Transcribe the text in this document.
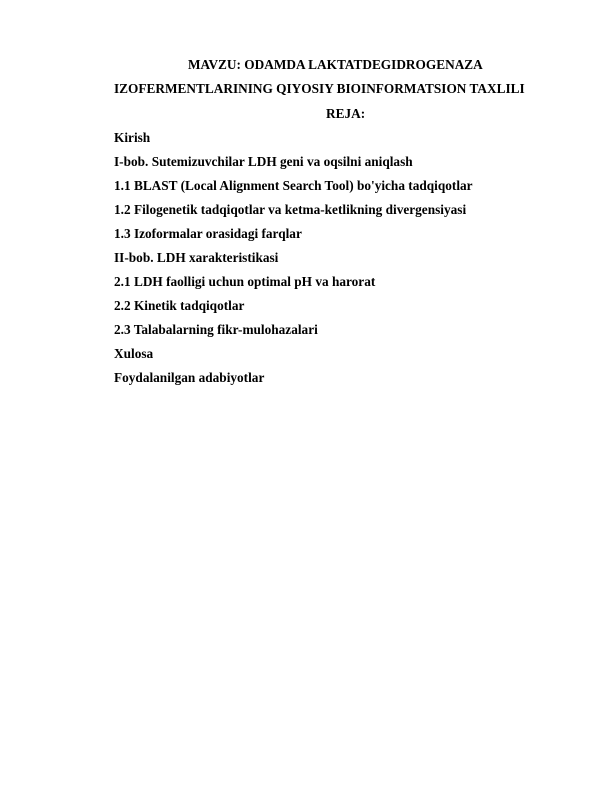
MAVZU: ODAMDA LAKTATDEGIDROGENAZA
IZOFERMENTLARINING QIYOSIY BIOINFORMATSION TAXLILI
REJA:
Kirish
I-bob. Sutemizuvchilar LDH geni va oqsilni aniqlash
1.1 BLAST (Local Alignment Search Tool) bo'yicha tadqiqotlar
1.2 Filogenetik tadqiqotlar va ketma-ketlikning divergensiyasi
1.3 Izoformalar orasidagi farqlar
II-bob. LDH xarakteristikasi
2.1 LDH faolligi uchun optimal pH va harorat
2.2 Kinetik tadqiqotlar
2.3 Talabalarning fikr-mulohazalari
Xulosa
Foydalanilgan adabiyotlar
